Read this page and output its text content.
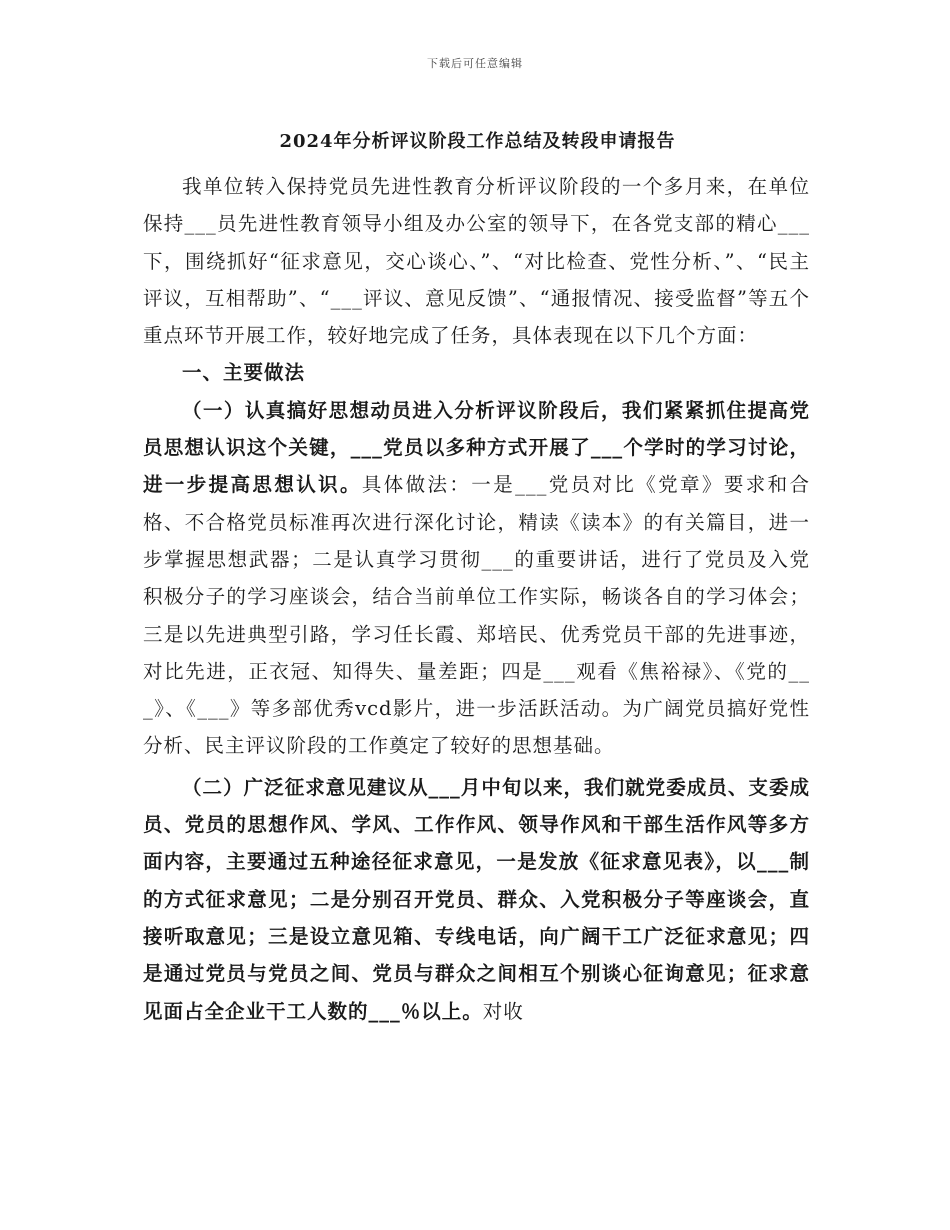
下载后可任意编辑
2024年分析评议阶段工作总结及转段申请报告

我单位转入保持党员先进性教育分析评议阶段的一个多月来，在单位保持___员先进性教育领导小组及办公室的领导下，在各党支部的精心___下，围绕抓好“征求意见，交心谈心、”、“对比检查、党性分析、”、“民主评议，互相帮助”、“___评议、意见反馈”、“通报情况、接受监督”等五个重点环节开展工作，较好地完成了任务，具体表现在以下几个方面：

一、主要做法

（一）认真搞好思想动员进入分析评议阶段后，我们紧紧抓住提高党员思想认识这个关键，___党员以多种方式开展了___个学时的学习讨论，进一步提高思想认识。具体做法：一是___党员对比《党章》要求和合格、不合格党员标准再次进行深化讨论，精读《读本》的有关篇目，进一步掌握思想武器；二是认真学习贯彻___的重要讲话，进行了党员及入党积极分子的学习座谈会，结合当前单位工作实际，畅谈各自的学习体会；三是以先进典型引路，学习任长霞、郑培民、优秀党员干部的先进事迹，对比先进，正衣冠、知得失、量差距；四是___观看《焦裕禄》、《党的___》、《___》等多部优秀vcd影片，进一步活跃活动。为广阔党员搞好党性分析、民主评议阶段的工作奠定了较好的思想基础。

（二）广泛征求意见建议从___月中旬以来，我们就党委成员、支委成员、党员的思想作风、学风、工作作风、领导作风和干部生活作风等多方面内容，主要通过五种途径征求意见，一是发放《征求意见表》，以___制的方式征求意见；二是分别召开党员、群众、入党积极分子等座谈会，直接听取意见；三是设立意见箱、专线电话，向广阔干工广泛征求意见；四是通过党员与党员之间、党员与群众之间相互个别谈心征询意见；征求意见面占全企业干工人数的___％以上。对收
